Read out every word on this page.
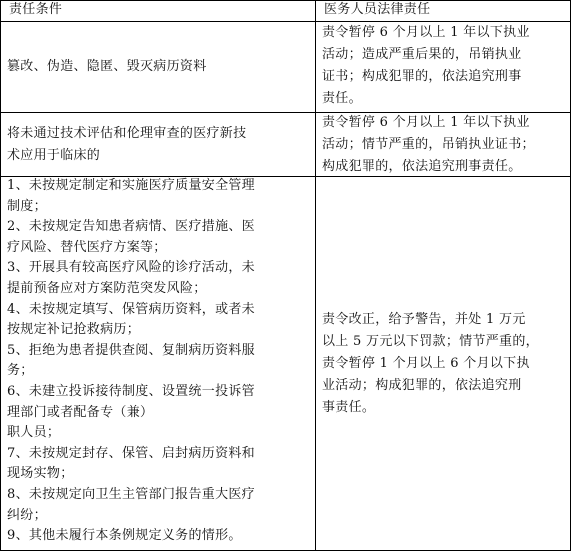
责任条件	医务人员法律责任
篡改、伪造、隐匿、毁灭病历资料
责令暂停 6 个月以上 1 年以下执业
活动；造成严重后果的，吊销执业
证书；构成犯罪的，依法追究刑事
责任。
将未通过技术评估和伦理审查的医疗新技
术应用于临床的
责令暂停 6 个月以上 1 年以下执业
活动；情节严重的，吊销执业证书；
构成犯罪的，依法追究刑事责任。
1、未按规定制定和实施医疗质量安全管理
制度；
2、未按规定告知患者病情、医疗措施、医
疗风险、替代医疗方案等；
3、开展具有较高医疗风险的诊疗活动，未
提前预备应对方案防范突发风险；
4、未按规定填写、保管病历资料，或者未
按规定补记抢救病历；
5、拒绝为患者提供查阅、复制病历资料服
务；
6、未建立投诉接待制度、设置统一投诉管
理部门或者配备专（兼）
职人员；
7、未按规定封存、保管、启封病历资料和
现场实物；
8、未按规定向卫生主管部门报告重大医疗
纠纷；
9、其他未履行本条例规定义务的情形。
责令改正，给予警告，并处 1 万元
以上 5 万元以下罚款；情节严重的，
责令暂停 1 个月以上 6 个月以下执
业活动；构成犯罪的，依法追究刑
事责任。
